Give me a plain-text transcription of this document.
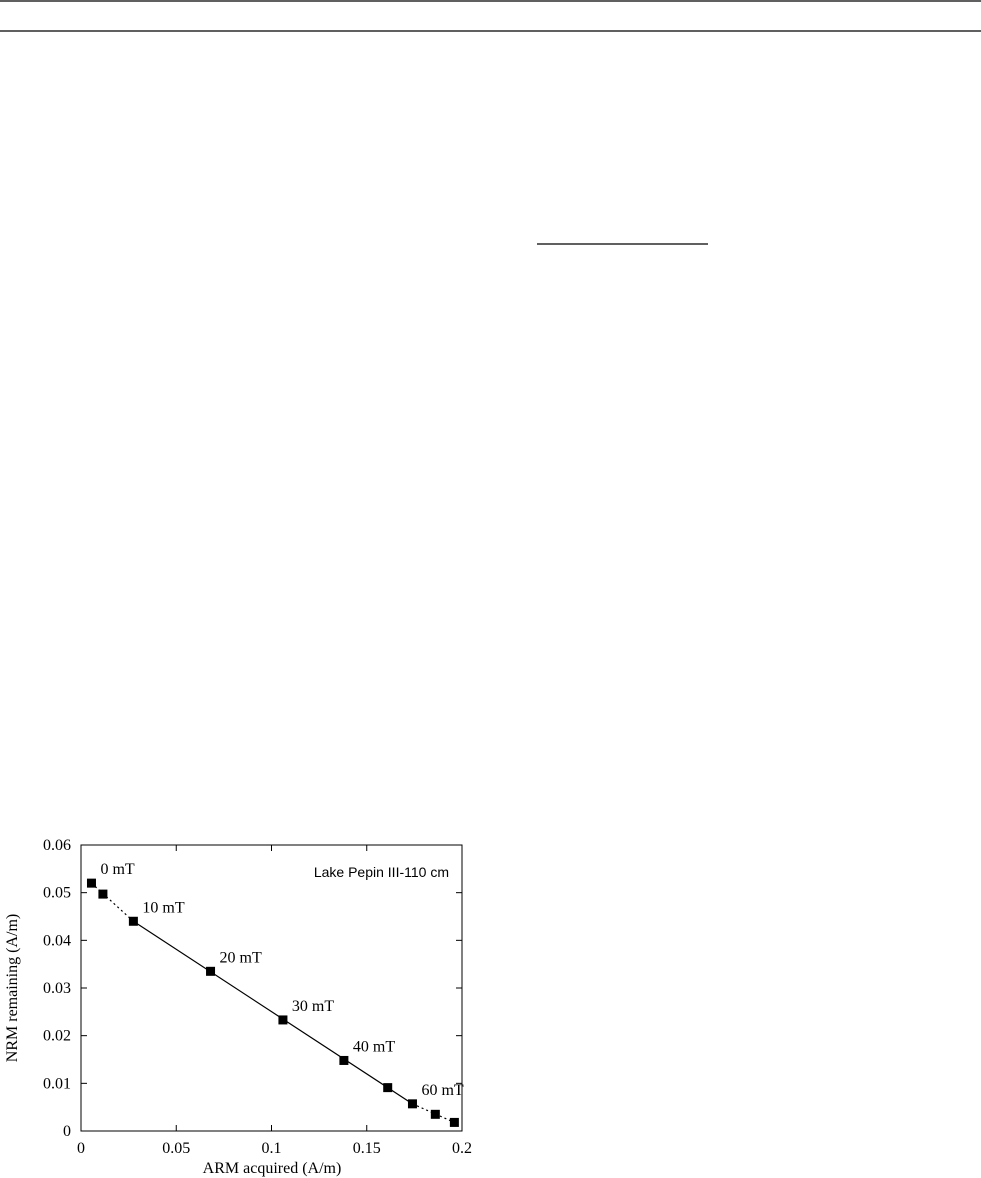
0	0.05	0.1	0.15	0.2
0
0.01
0.02
0.03
0.04
0.05
0.06
0 mT
10 mT
20 mT
30 mT
40 mT
60 mT
Lake Pepin III-110 cm
ARM acquired (A/m)
NRM remaining (A/m)
